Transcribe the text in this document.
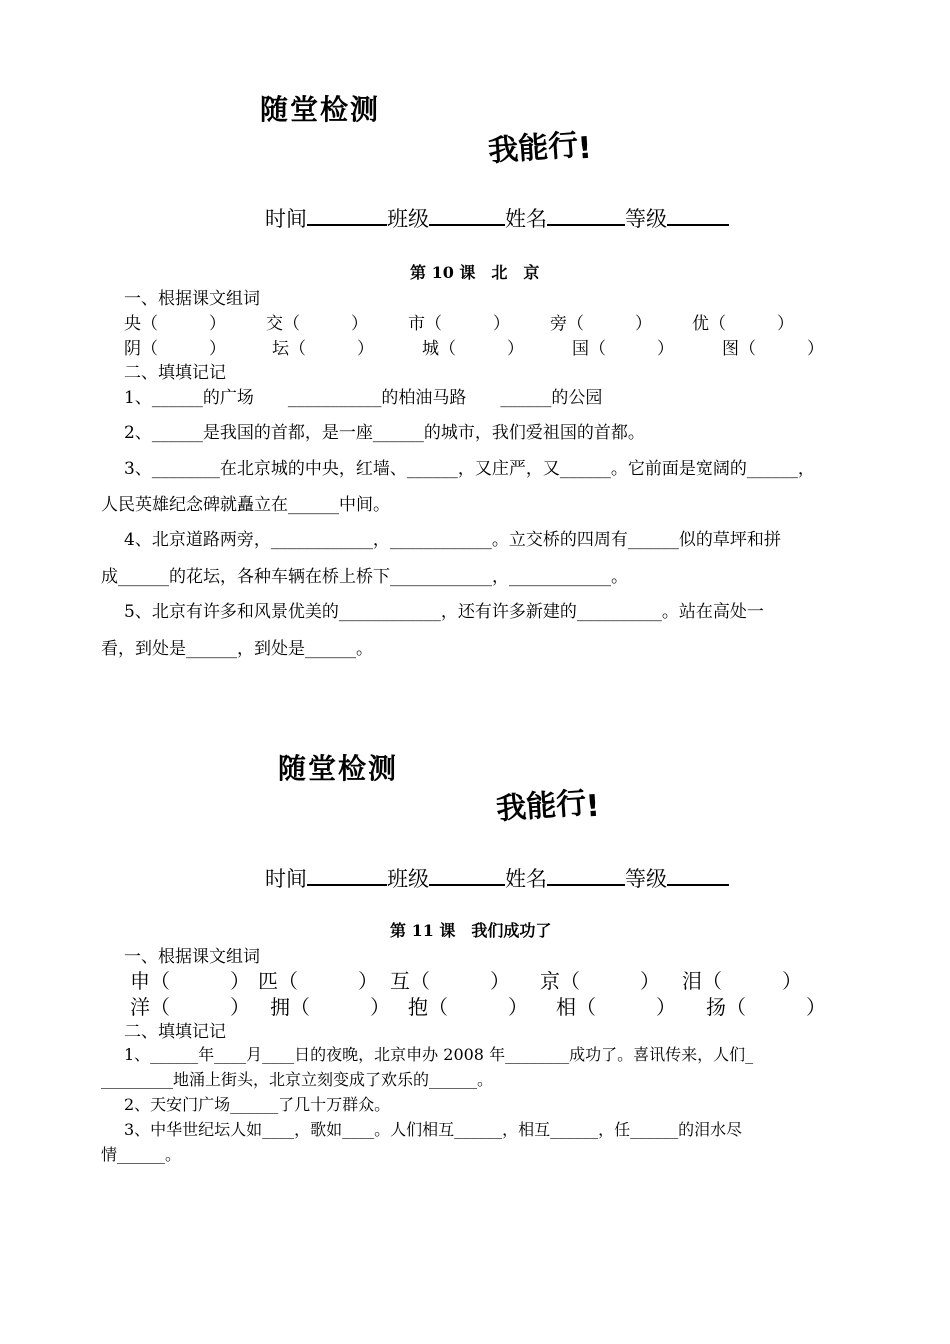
随堂检测

我能行!

时间	班级	姓名	等级
第 10 课　北　京
一、根据课文组词
央（　　　） 交（　　　） 市（　　　） 旁（　　　） 优（　　　）
阴（　　　）	坛（　　　）	城（　　　）	国（　　　）	图（　　　）
二、填填记记
1、______的广场　　___________的柏油马路　　______的公园
2、______是我国的首都，是一座______的城市，我们爱祖国的首都。
3、________在北京城的中央，红墙、______，又庄严，又______。它前面是宽阔的______，
人民英雄纪念碑就矗立在______中间。
4、北京道路两旁，____________，____________。立交桥的四周有______似的草坪和拼
成______的花坛，各种车辆在桥上桥下____________，____________。
5、北京有许多和风景优美的____________，还有许多新建的__________。站在高处一
看，到处是______，到处是______。
随堂检测

我能行!

时间	班级	姓名	等级
第 11 课　我们成功了
一、根据课文组词
申（　　　） 匹（　　　） 互（　　　） 京（　　　） 泪（　　　）
洋（　　　） 拥（　　　） 抱（　　　） 相（　　　） 扬（　　　）
二、填填记记
1、______年____月____日的夜晚，北京申办 2008 年________成功了。喜讯传来，人们_
_________地涌上街头，北京立刻变成了欢乐的______。
2、天安门广场______了几十万群众。
3、中华世纪坛人如____，歌如____。人们相互______，相互______，任______的泪水尽
情______。
